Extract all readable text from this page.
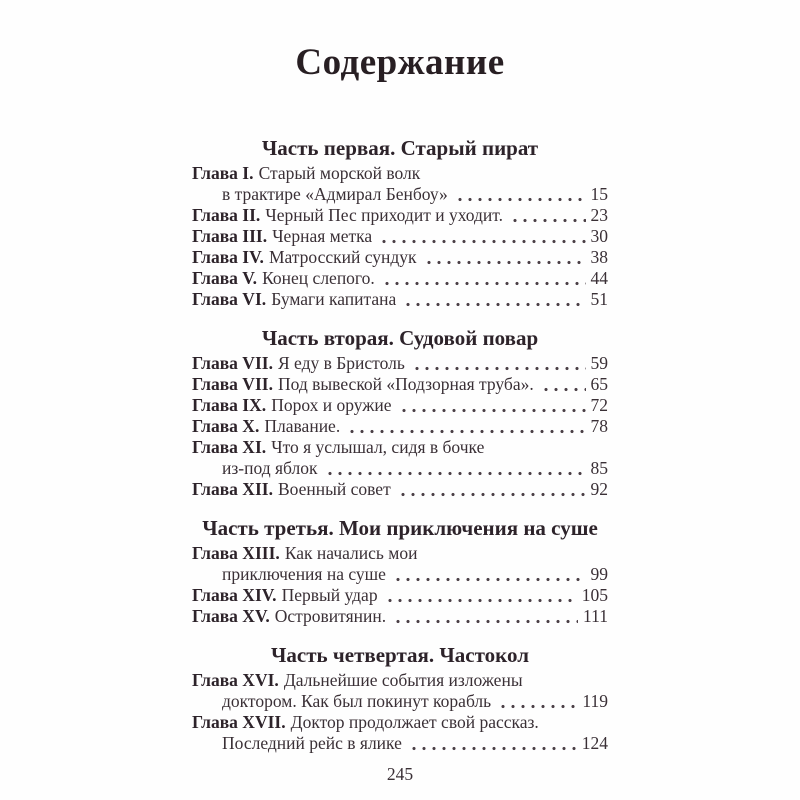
Содержание
Часть первая. Старый пират
Глава I. Старый морской волк
в трактире «Адмирал Бенбоу»	15
Глава II. Черный Пес приходит и уходит.	23
Глава III. Черная метка	30
Глава IV. Матросский сундук	38
Глава V. Конец слепого.	44
Глава VI. Бумаги капитана	51
Часть вторая. Судовой повар
Глава VII. Я еду в Бристоль	59
Глава VII. Под вывеской «Подзорная труба».	65
Глава IX. Порох и оружие	72
Глава X. Плавание.	78
Глава XI. Что я услышал, сидя в бочке
из-под яблок	85
Глава XII. Военный совет	92
Часть третья. Мои приключения на суше
Глава XIII. Как начались мои
приключения на суше	99
Глава XIV. Первый удар	105
Глава XV. Островитянин.	111
Часть четвертая. Частокол
Глава XVI. Дальнейшие события изложены
доктором. Как был покинут корабль	119
Глава XVII. Доктор продолжает свой рассказ.
Последний рейс в ялике	124
245
